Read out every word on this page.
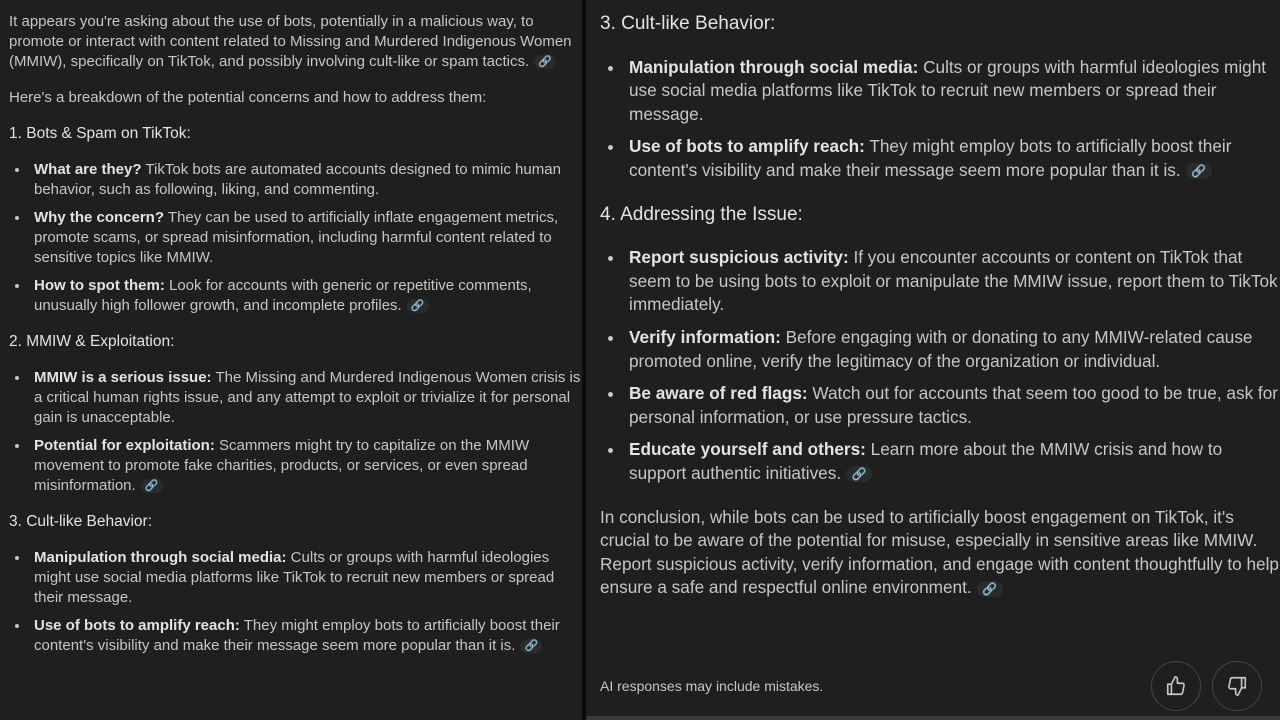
It appears you're asking about the use of bots, potentially in a malicious way, to promote or interact with content related to Missing and Murdered Indigenous Women (MMIW), specifically on TikTok, and possibly involving cult-like or spam tactics. 🔗

Here's a breakdown of the potential concerns and how to address them:

1. Bots & Spam on TikTok:
What are they? TikTok bots are automated accounts designed to mimic human behavior, such as following, liking, and commenting.
Why the concern? They can be used to artificially inflate engagement metrics, promote scams, or spread misinformation, including harmful content related to sensitive topics like MMIW.
How to spot them: Look for accounts with generic or repetitive comments, unusually high follower growth, and incomplete profiles. 🔗
2. MMIW & Exploitation:
MMIW is a serious issue: The Missing and Murdered Indigenous Women crisis is a critical human rights issue, and any attempt to exploit or trivialize it for personal gain is unacceptable.
Potential for exploitation: Scammers might try to capitalize on the MMIW movement to promote fake charities, products, or services, or even spread misinformation. 🔗
3. Cult-like Behavior:
Manipulation through social media: Cults or groups with harmful ideologies might use social media platforms like TikTok to recruit new members or spread their message.
Use of bots to amplify reach: They might employ bots to artificially boost their content's visibility and make their message seem more popular than it is. 🔗
3. Cult-like Behavior:
Manipulation through social media: Cults or groups with harmful ideologies might use social media platforms like TikTok to recruit new members or spread their message.
Use of bots to amplify reach: They might employ bots to artificially boost their content's visibility and make their message seem more popular than it is. 🔗
4. Addressing the Issue:
Report suspicious activity: If you encounter accounts or content on TikTok that seem to be using bots to exploit or manipulate the MMIW issue, report them to TikTok immediately.
Verify information: Before engaging with or donating to any MMIW-related cause promoted online, verify the legitimacy of the organization or individual.
Be aware of red flags: Watch out for accounts that seem too good to be true, ask for personal information, or use pressure tactics.
Educate yourself and others: Learn more about the MMIW crisis and how to support authentic initiatives. 🔗

In conclusion, while bots can be used to artificially boost engagement on TikTok, it's crucial to be aware of the potential for misuse, especially in sensitive areas like MMIW. Report suspicious activity, verify information, and engage with content thoughtfully to help ensure a safe and respectful online environment. 🔗

AI responses may include mistakes.
